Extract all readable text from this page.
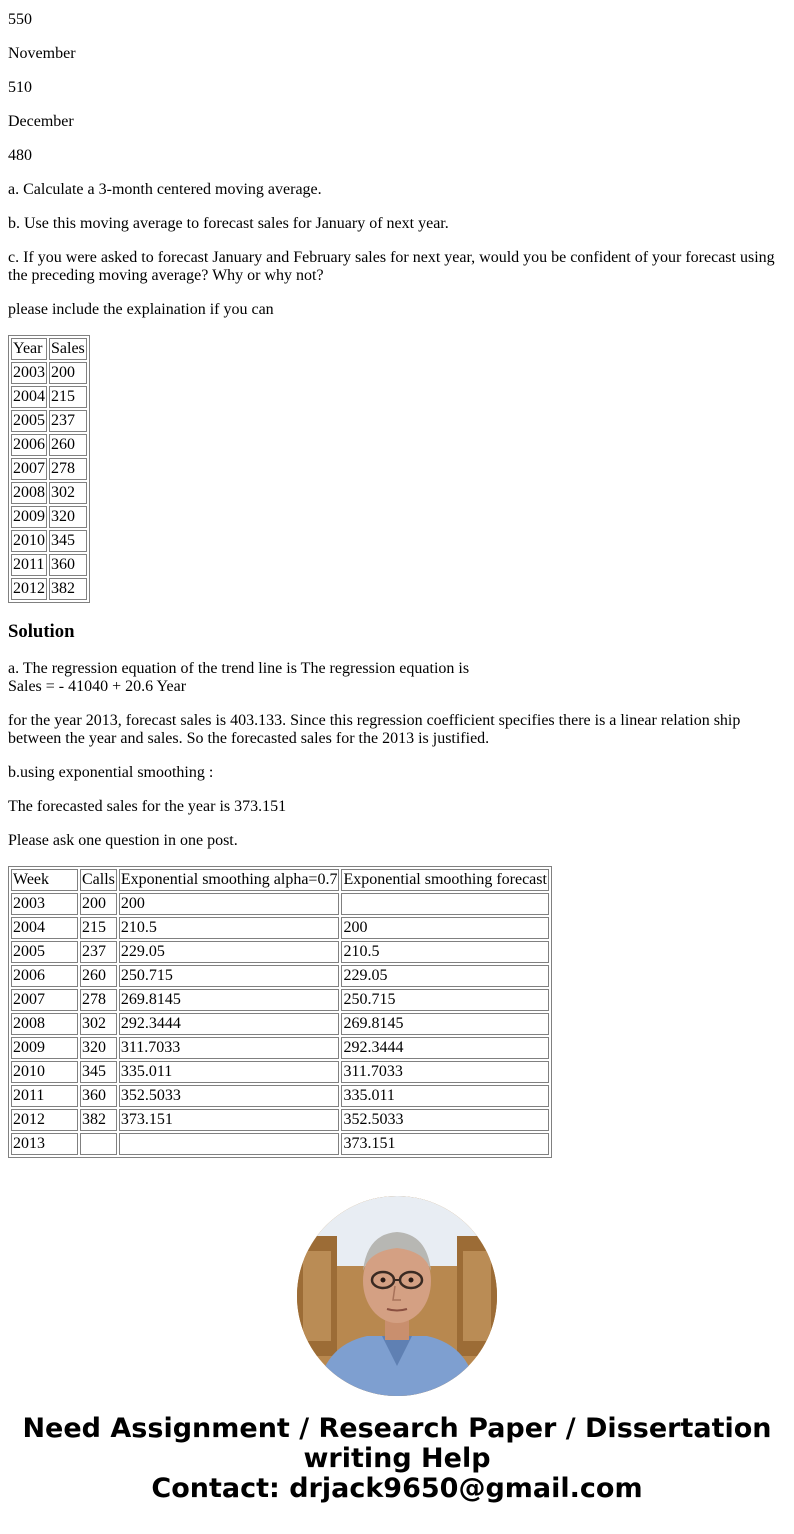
550

November

510

December

480

a. Calculate a 3-month centered moving average.

b. Use this moving average to forecast sales for January of next year.

c. If you were asked to forecast January and February sales for next year, would you be confident of your forecast using the preceding moving average? Why or why not?

please include the explaination if you can

Year	Sales
2003	200
2004	215
2005	237
2006	260
2007	278
2008	302
2009	320
2010	345
2011	360
2012	382
Solution

a. The regression equation of the trend line is The regression equation is
Sales = - 41040 + 20.6 Year

for the year 2013, forecast sales is 403.133. Since this regression coefficient specifies there is a linear relation ship between the year and sales. So the forecasted sales for the 2013 is justified.

b.using exponential smoothing :

The forecasted sales for the year is 373.151

Please ask one question in one post.

Week	Calls	Exponential smoothing alpha=0.7	Exponential smoothing forecast
2003	200	200	
2004	215	210.5	200
2005	237	229.05	210.5
2006	260	250.715	229.05
2007	278	269.8145	250.715
2008	302	292.3444	269.8145
2009	320	311.7033	292.3444
2010	345	335.011	311.7033
2011	360	352.5033	335.011
2012	382	373.151	352.5033
2013			373.151
Need Assignment / Research Paper / Dissertation
writing Help
Contact: drjack9650@gmail.com
